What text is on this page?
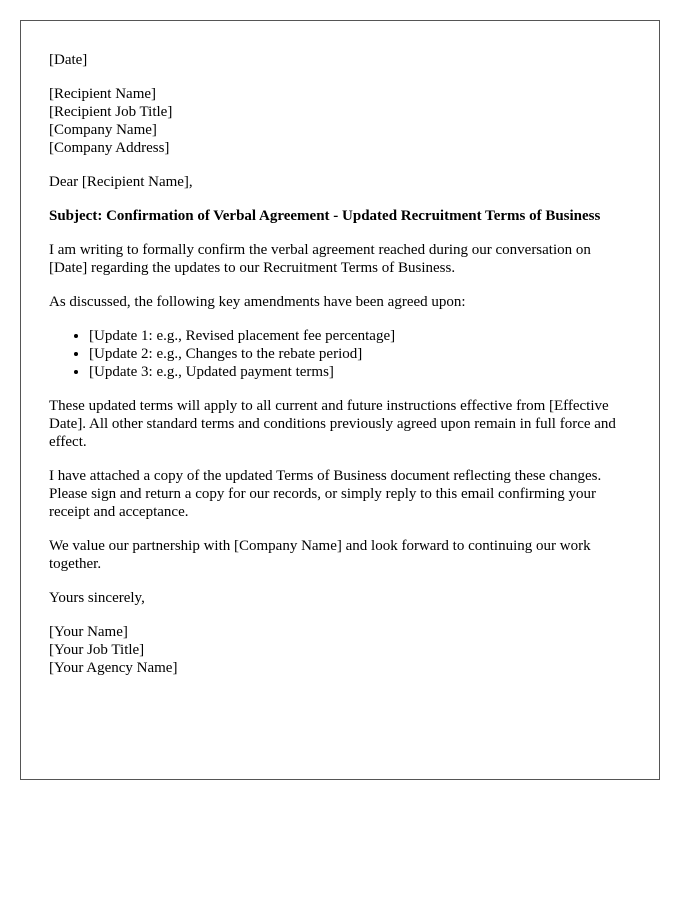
[Date]
[Recipient Name]
[Recipient Job Title]
[Company Name]
[Company Address]
Dear [Recipient Name],
Subject: Confirmation of Verbal Agreement - Updated Recruitment Terms of Business

I am writing to formally confirm the verbal agreement reached during our conversation on [Date] regarding the updates to our Recruitment Terms of Business.

As discussed, the following key amendments have been agreed upon:

• [Update 1: e.g., Revised placement fee percentage]
• [Update 2: e.g., Changes to the rebate period]
• [Update 3: e.g., Updated payment terms]

These updated terms will apply to all current and future instructions effective from [Effective Date]. All other standard terms and conditions previously agreed upon remain in full force and effect.

I have attached a copy of the updated Terms of Business document reflecting these changes. Please sign and return a copy for our records, or simply reply to this email confirming your receipt and acceptance.

We value our partnership with [Company Name] and look forward to continuing our work together.

Yours sincerely,
[Your Name]
[Your Job Title]
[Your Agency Name]
